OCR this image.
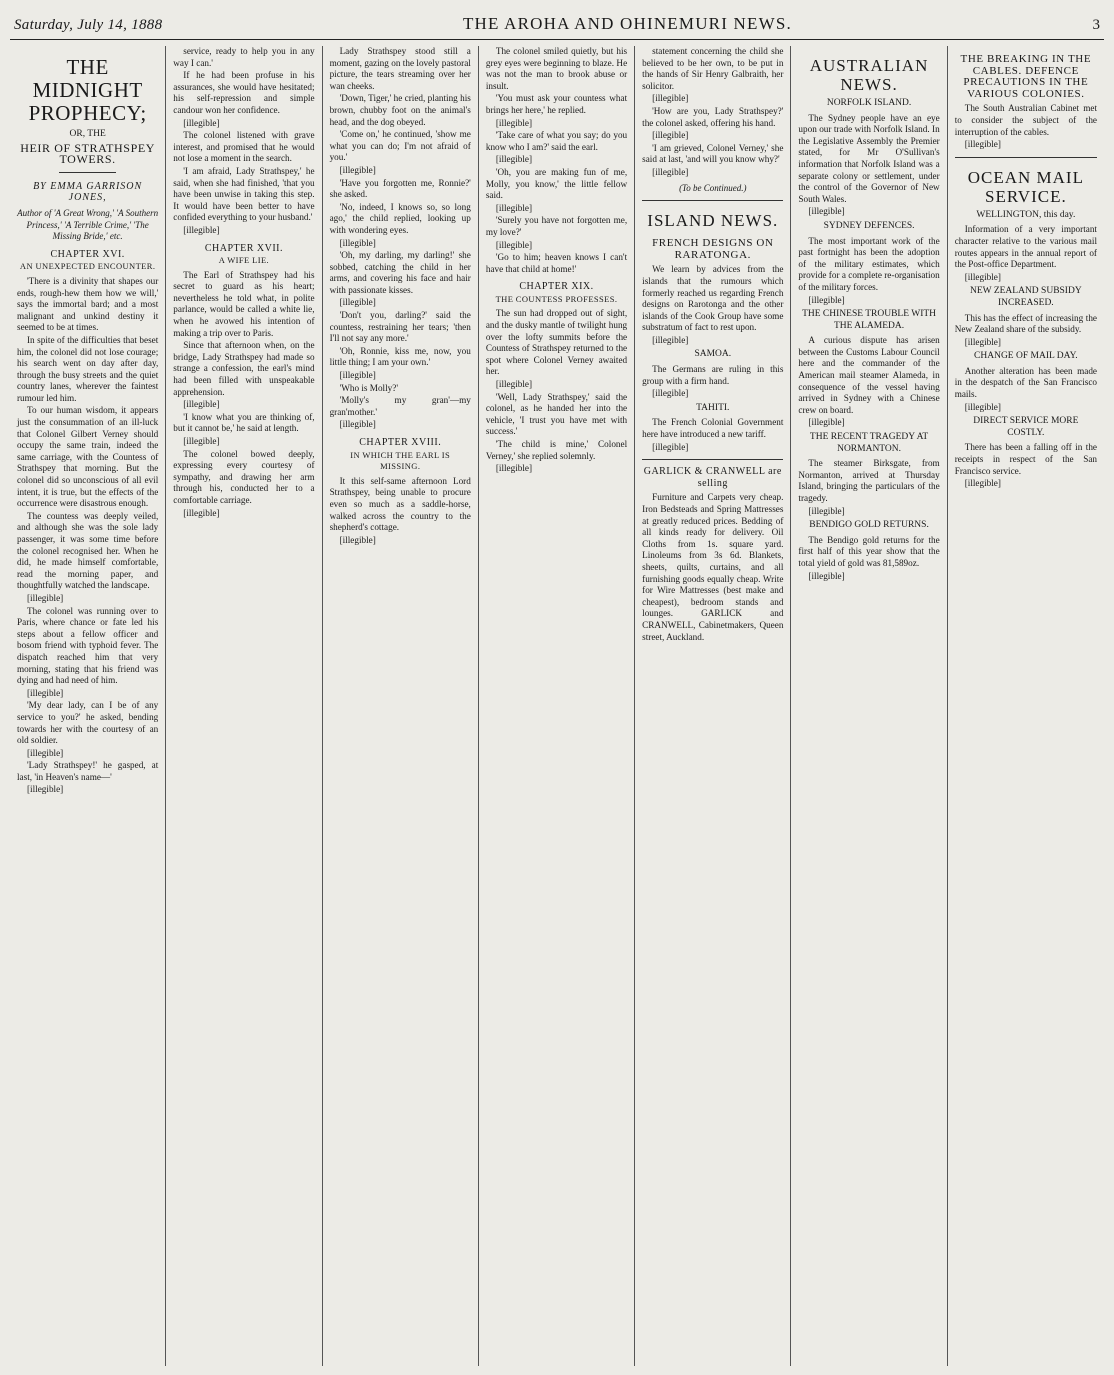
Saturday, July 14, 1888	THE AROHA AND OHINEMURI NEWS.	3
THE MIDNIGHT PROPHECY;
OR, THE
HEIR OF STRATHSPEY TOWERS.
BY EMMA GARRISON JONES,
Author of 'A Great Wrong,' 'A Southern Princess,' 'A Terrible Crime,' 'The Missing Bride,' etc.
CHAPTER XVI.
AN UNEXPECTED ENCOUNTER.

'There is a divinity that shapes our ends, rough-hew them how we will,' says the immortal bard; and a most malignant and unkind destiny it seemed to be at times.

In spite of the difficulties that beset him, the colonel did not lose courage; his search went on day after day, through the busy streets and the quiet country lanes, wherever the faintest rumour led him.

To our human wisdom, it appears just the consummation of an ill-luck that Colonel Gilbert Verney should occupy the same train, indeed the same carriage, with the Countess of Strathspey that morning. But the colonel did so unconscious of all evil intent, it is true, but the effects of the occurrence were disastrous enough.

The countess was deeply veiled, and although she was the sole lady passenger, it was some time before the colonel recognised her. When he did, he made himself comfortable, read the morning paper, and thoughtfully watched the landscape.

[illegible]

The colonel was running over to Paris, where chance or fate led his steps about a fellow officer and bosom friend with typhoid fever. The dispatch reached him that very morning, stating that his friend was dying and had need of him.

[illegible]

'My dear lady, can I be of any service to you?' he asked, bending towards her with the courtesy of an old soldier.

[illegible]

'Lady Strathspey!' he gasped, at last, 'in Heaven's name—'

[illegible]

service, ready to help you in any way I can.'

If he had been profuse in his assurances, she would have hesitated; his self-repression and simple candour won her confidence.

[illegible]

The colonel listened with grave interest, and promised that he would not lose a moment in the search.

'I am afraid, Lady Strathspey,' he said, when she had finished, 'that you have been unwise in taking this step. It would have been better to have confided everything to your husband.'

[illegible]

CHAPTER XVII.
A WIFE LIE.

The Earl of Strathspey had his secret to guard as his heart; nevertheless he told what, in polite parlance, would be called a white lie, when he avowed his intention of making a trip over to Paris.

Since that afternoon when, on the bridge, Lady Strathspey had made so strange a confession, the earl's mind had been filled with unspeakable apprehension.

[illegible]

'I know what you are thinking of, but it cannot be,' he said at length.

[illegible]

The colonel bowed deeply, expressing every courtesy of sympathy, and drawing her arm through his, conducted her to a comfortable carriage.

[illegible]

Lady Strathspey stood still a moment, gazing on the lovely pastoral picture, the tears streaming over her wan cheeks.

'Down, Tiger,' he cried, planting his brown, chubby foot on the animal's head, and the dog obeyed.

'Come on,' he continued, 'show me what you can do; I'm not afraid of you.'

[illegible]

'Have you forgotten me, Ronnie?' she asked.

'No, indeed, I knows so, so long ago,' the child replied, looking up with wondering eyes.

[illegible]

'Oh, my darling, my darling!' she sobbed, catching the child in her arms, and covering his face and hair with passionate kisses.

[illegible]

'Don't you, darling?' said the countess, restraining her tears; 'then I'll not say any more.'

'Oh, Ronnie, kiss me, now, you little thing; I am your own.'

[illegible]

'Who is Molly?'

'Molly's my gran'—my gran'mother.'

[illegible]

CHAPTER XVIII.
IN WHICH THE EARL IS MISSING.

It this self-same afternoon Lord Strathspey, being unable to procure even so much as a saddle-horse, walked across the country to the shepherd's cottage.

[illegible]

The colonel smiled quietly, but his grey eyes were beginning to blaze. He was not the man to brook abuse or insult.

'You must ask your countess what brings her here,' he replied.

[illegible]

'Take care of what you say; do you know who I am?' said the earl.

[illegible]

'Oh, you are making fun of me, Molly, you know,' the little fellow said.

[illegible]

'Surely you have not forgotten me, my love?'

[illegible]

'Go to him; heaven knows I can't have that child at home!'

CHAPTER XIX.
THE COUNTESS PROFESSES.

The sun had dropped out of sight, and the dusky mantle of twilight hung over the lofty summits before the Countess of Strathspey returned to the spot where Colonel Verney awaited her.

[illegible]

'Well, Lady Strathspey,' said the colonel, as he handed her into the vehicle, 'I trust you have met with success.'

'The child is mine,' Colonel Verney,' she replied solemnly.

[illegible]

statement concerning the child she believed to be her own, to be put in the hands of Sir Henry Galbraith, her solicitor.

[illegible]

'How are you, Lady Strathspey?' the colonel asked, offering his hand.

[illegible]

'I am grieved, Colonel Verney,' she said at last, 'and will you know why?'

[illegible]

(To be Continued.)
ISLAND NEWS.
FRENCH DESIGNS ON RARATONGA.

We learn by advices from the islands that the rumours which formerly reached us regarding French designs on Rarotonga and the other islands of the Cook Group have some substratum of fact to rest upon.

[illegible]

SAMOA.

The Germans are ruling in this group with a firm hand.

[illegible]

TAHITI.

The French Colonial Government here have introduced a new tariff.

[illegible]

GARLICK & CRANWELL are selling

Furniture and Carpets very cheap. Iron Bedsteads and Spring Mattresses at greatly reduced prices. Bedding of all kinds ready for delivery. Oil Cloths from 1s. square yard. Linoleums from 3s 6d. Blankets, sheets, quilts, curtains, and all furnishing goods equally cheap. Write for Wire Mattresses (best make and cheapest), bedroom stands and lounges. GARLICK and CRANWELL, Cabinetmakers, Queen street, Auckland.

AUSTRALIAN NEWS.
NORFOLK ISLAND.

The Sydney people have an eye upon our trade with Norfolk Island. In the Legislative Assembly the Premier stated, for Mr O'Sullivan's information that Norfolk Island was a separate colony or settlement, under the control of the Governor of New South Wales.

[illegible]

SYDNEY DEFENCES.

The most important work of the past fortnight has been the adoption of the military estimates, which provide for a complete re-organisation of the military forces.

[illegible]

THE CHINESE TROUBLE WITH THE ALAMEDA.

A curious dispute has arisen between the Customs Labour Council here and the commander of the American mail steamer Alameda, in consequence of the vessel having arrived in Sydney with a Chinese crew on board.

[illegible]

THE RECENT TRAGEDY AT NORMANTON.

The steamer Birksgate, from Normanton, arrived at Thursday Island, bringing the particulars of the tragedy.

[illegible]

BENDIGO GOLD RETURNS.

The Bendigo gold returns for the first half of this year show that the total yield of gold was 81,589oz.

[illegible]

THE BREAKING IN THE CABLES. DEFENCE PRECAUTIONS IN THE VARIOUS COLONIES.

The South Australian Cabinet met to consider the subject of the interruption of the cables.

[illegible]

OCEAN MAIL SERVICE.
WELLINGTON, this day.

Information of a very important character relative to the various mail routes appears in the annual report of the Post-office Department.

[illegible]

NEW ZEALAND SUBSIDY INCREASED.

This has the effect of increasing the New Zealand share of the subsidy.

[illegible]

CHANGE OF MAIL DAY.

Another alteration has been made in the despatch of the San Francisco mails.

[illegible]

DIRECT SERVICE MORE COSTLY.

There has been a falling off in the receipts in respect of the San Francisco service.

[illegible]
